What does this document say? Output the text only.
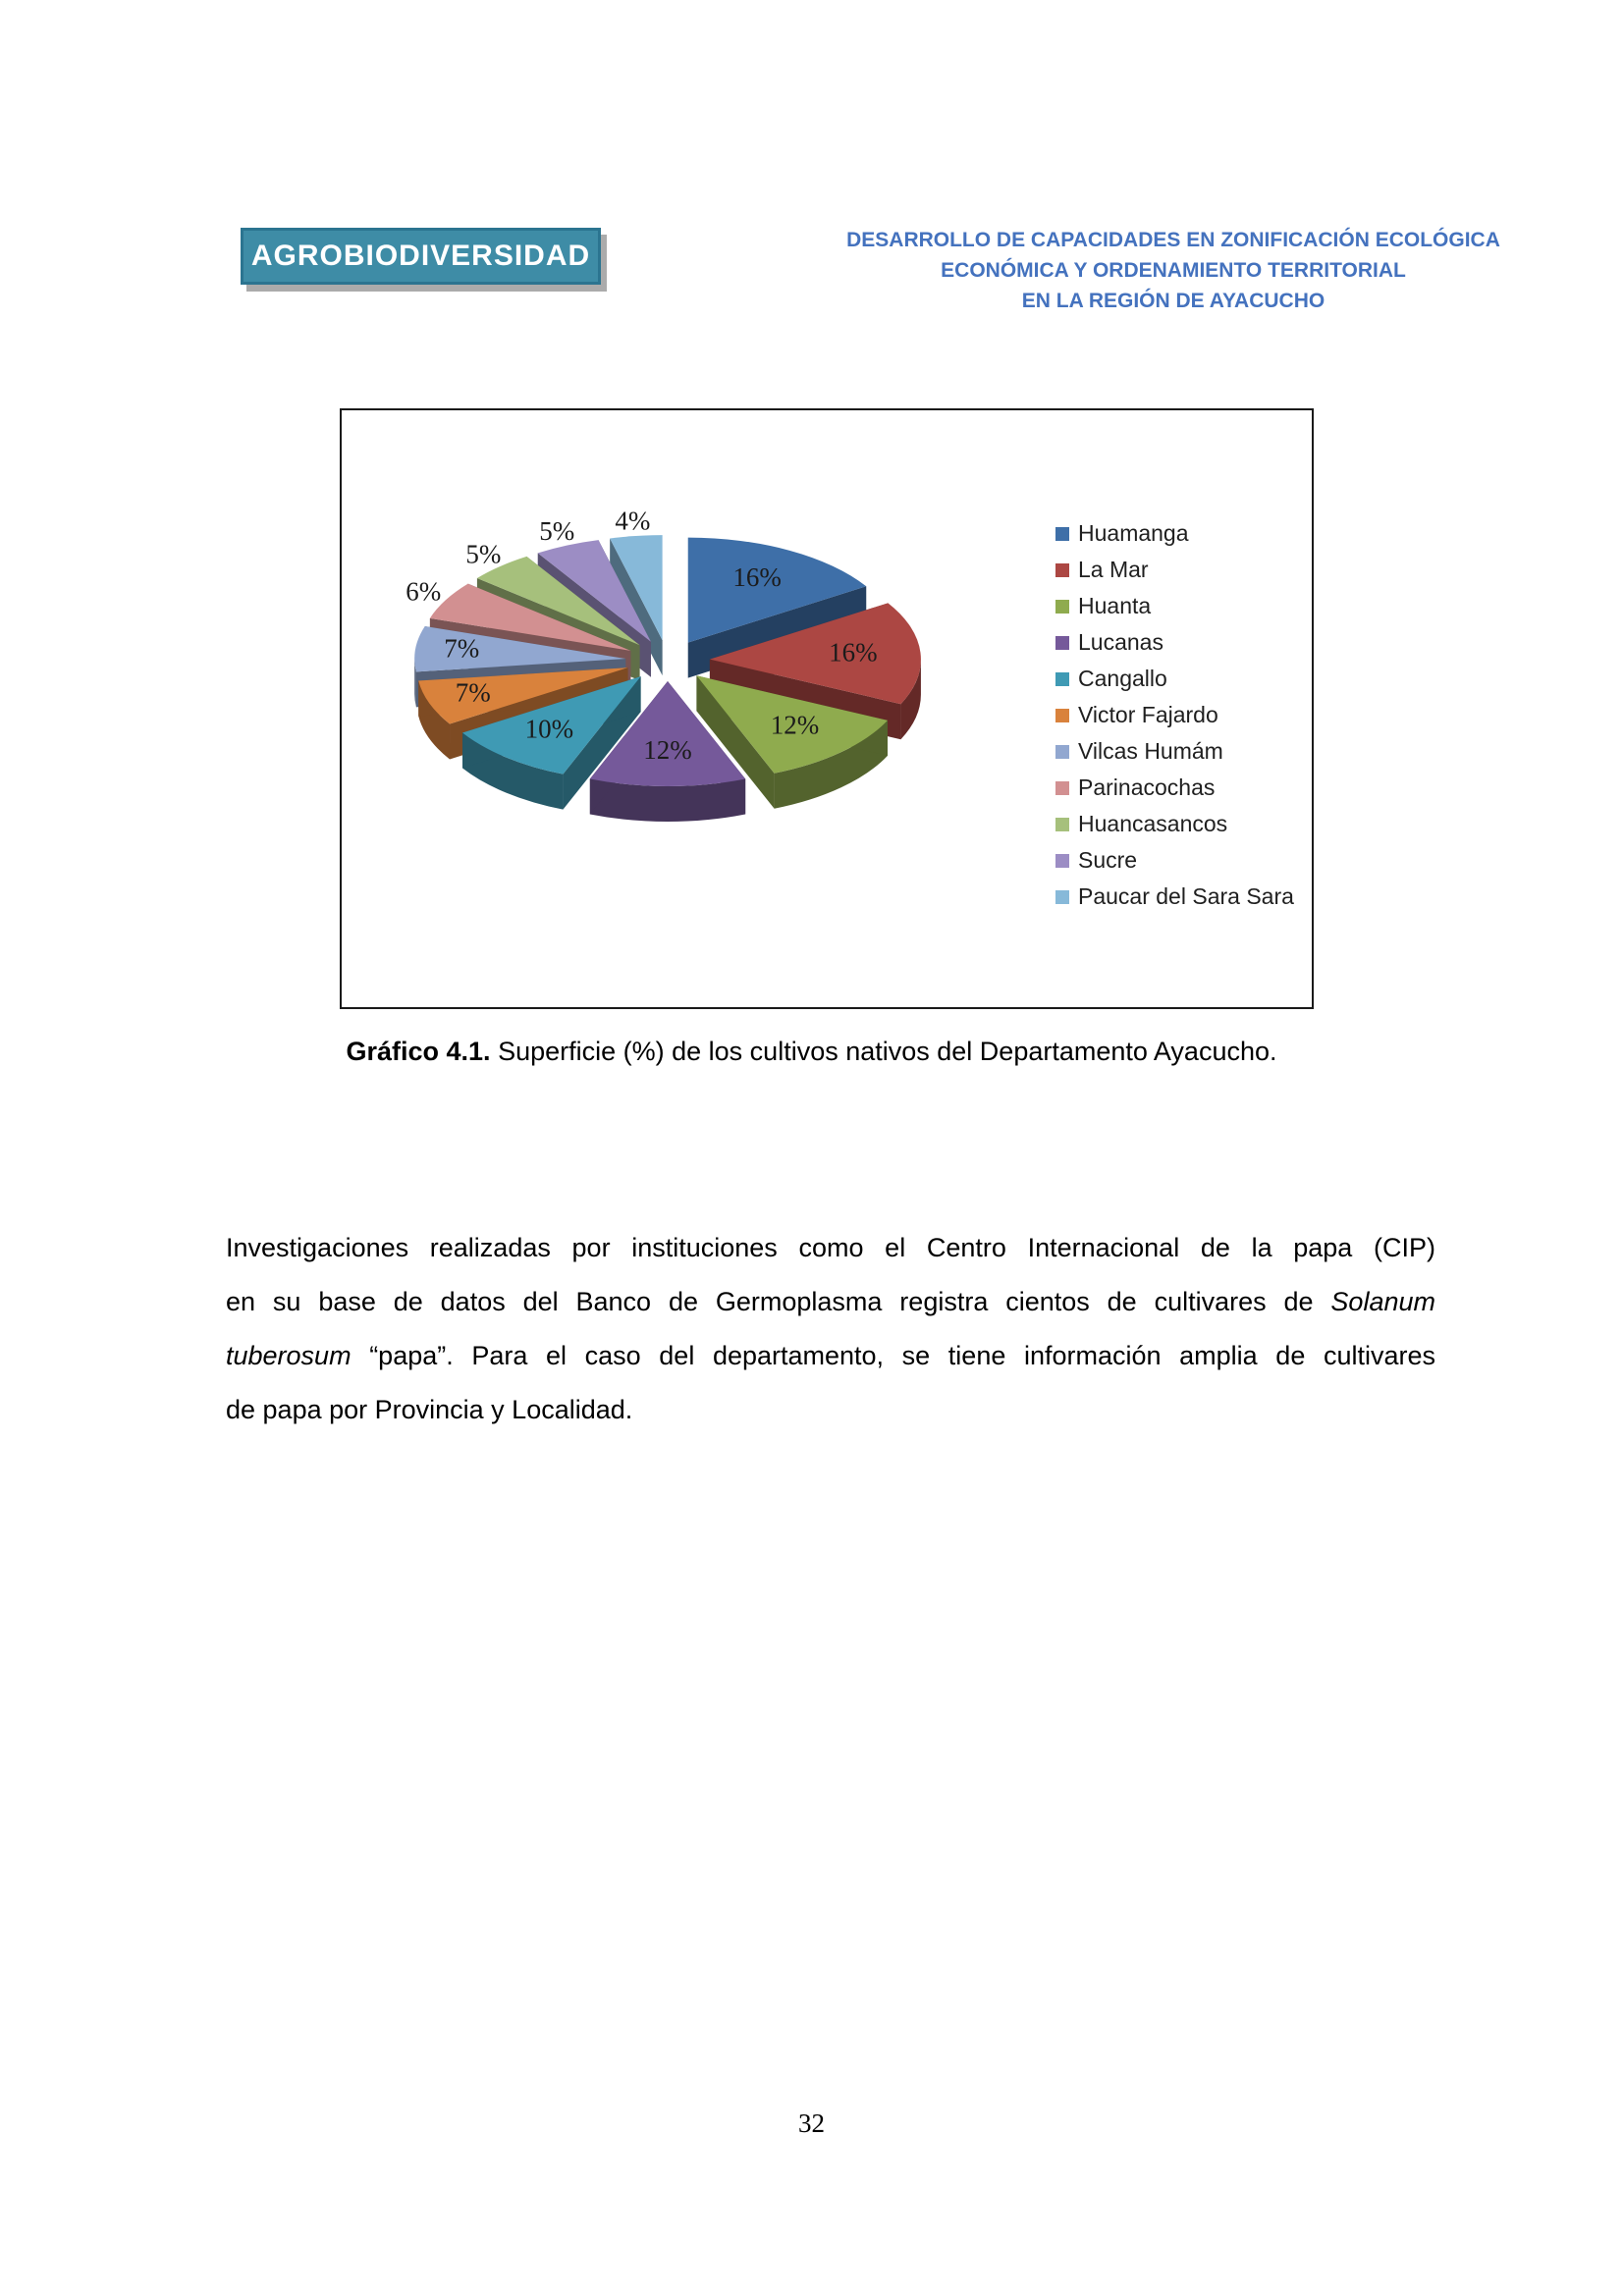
AGROBIODIVERSIDAD	DESARROLLO DE CAPACIDADES EN ZONIFICACIÓN ECOLÓGICA
ECONÓMICA Y ORDENAMIENTO TERRITORIAL
EN LA REGIÓN DE AYACUCHO
16%
16%
12%
12%
10%
7%
7%
6%
5%
5% 4%	Huamanga
La Mar
Huanta
Lucanas
Cangallo
Victor Fajardo
Vilcas Humám
Parinacochas
Huancasancos
Sucre
Paucar del Sara Sara
Gráfico 4.1. Superficie (%) de los cultivos nativos del Departamento Ayacucho.
Investigaciones realizadas por instituciones como el Centro Internacional de la papa (CIP)
en su base de datos del Banco de Germoplasma registra cientos de cultivares de Solanum
tuberosum “papa”. Para el caso del departamento, se tiene información amplia de cultivares
de papa por Provincia y Localidad.
32
